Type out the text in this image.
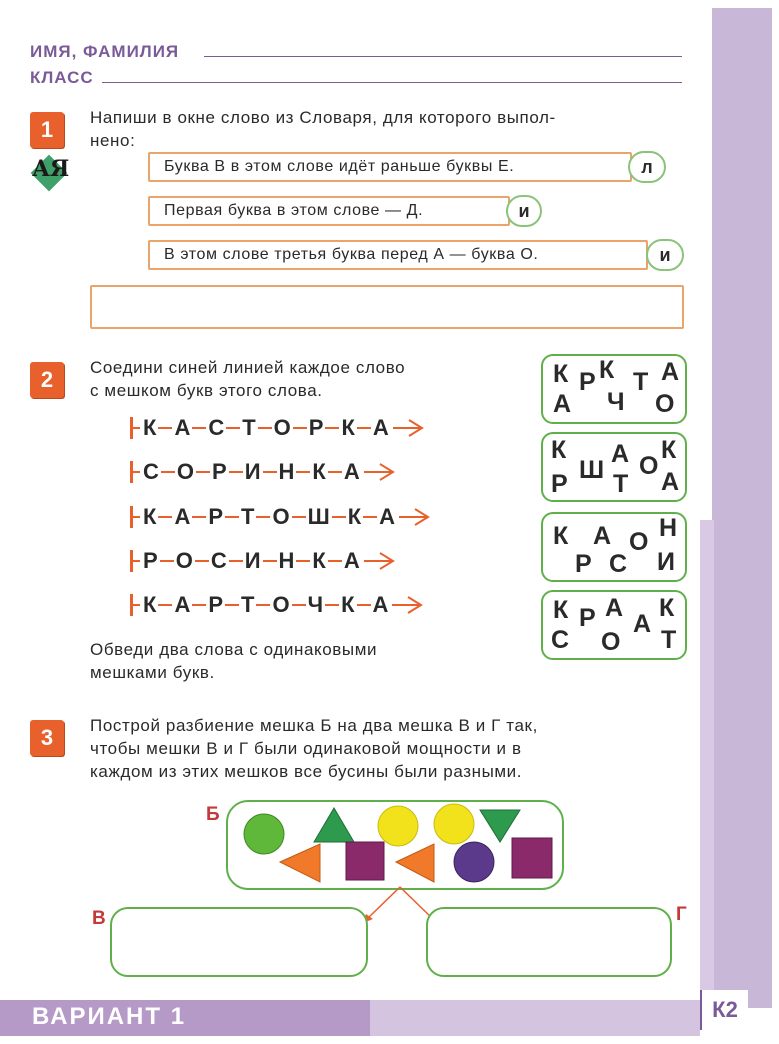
ИМЯ, ФАМИЛИЯ
КЛАСС
1
АЯ
Напиши в окне слово из Словаря, для которого выпол-
нено:
Буква В в этом слове идёт раньше буквы Е.	л
Первая буква в этом слове — Д.	и
В этом слове третья буква перед А — буква О.	и
2	Соедини синей линией каждое слово
с мешком букв этого слова.
К А С Т О Р К А
С О Р И Н К А
К А Р Т О Ш К А
Р О С И Н К А
К А Р Т О Ч К А
К Р К Т А
А Ч О
К
Ш
А К
Р
О
Т А
К А О Н
Р С И
К Р А К
С
А
О Т
Обведи два слова с одинаковыми
мешками букв.
3	Построй разбиение мешка Б на два мешка В и Г так,
чтобы мешки В и Г были одинаковой мощности и в
каждом из этих мешков все бусины были разными.
Б
В	Г
ВАРИАНТ 1	К2
